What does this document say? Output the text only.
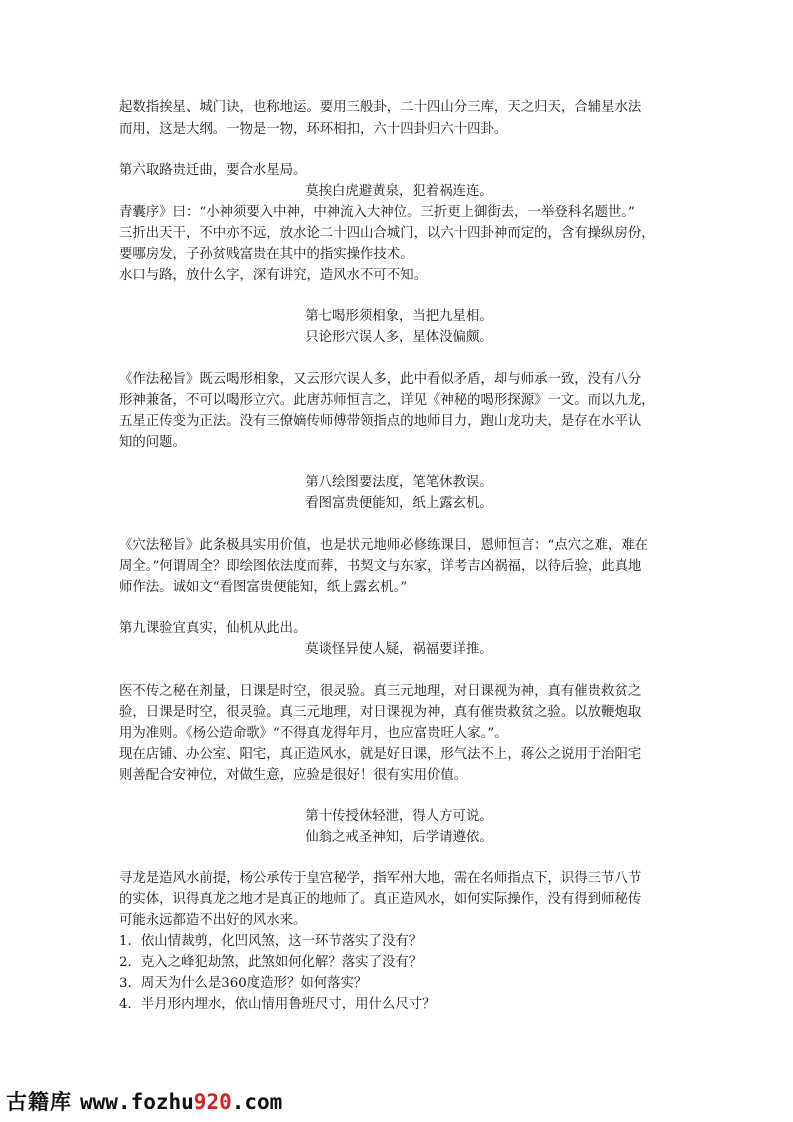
起数指挨星、城门诀，也称地运。要用三般卦，二十四山分三库，天之归天，合辅星水法
而用，这是大纲。一物是一物，环环相扣，六十四卦归六十四卦。
第六取路贵迁曲，要合水星局。
莫挨白虎避黄泉，犯着祸连连。
青囊序》曰：“小神须要入中神，中神流入大神位。三折更上御街去，一举登科名题世。”
三折出天干，不中亦不远，放水论二十四山合城门，以六十四卦神而定的，含有操纵房份，
要哪房发，子孙贫贱富贵在其中的指实操作技术。
水口与路，放什么字，深有讲究，造风水不可不知。
第七喝形须相象，当把九星相。
只论形穴误人多，星体没偏颇。
《作法秘旨》既云喝形相象，又云形穴误人多，此中看似矛盾，却与师承一致，没有八分
形神兼备，不可以喝形立穴。此唐苏师恒言之，详见《神秘的喝形探源》一文。而以九龙，
五星正传变为正法。没有三僚嫡传师傅带领指点的地师目力，跑山龙功夫，是存在水平认
知的问题。
第八绘图要法度，笔笔休教误。
看图富贵便能知，纸上露玄机。
《穴法秘旨》此条极具实用价值，也是状元地师必修练课目，恩师恒言：“点穴之难，难在
周全。”何谓周全？即绘图依法度而葬，书契文与东家，详考吉凶祸福，以待后验，此真地
师作法。诚如文“看图富贵便能知，纸上露玄机。”
第九课验宜真实，仙机从此出。
莫谈怪异使人疑，祸福要详推。
医不传之秘在剂量，日课是时空，很灵验。真三元地理，对日课视为神，真有催贵救贫之
验，日课是时空，很灵验。真三元地理，对日课视为神，真有催贵救贫之验。以放鞭炮取
用为准则。《杨公造命歌》“不得真龙得年月，也应富贵旺人家。”。
现在店铺、办公室、阳宅，真正造风水，就是好日课，形气法不上，蒋公之说用于治阳宅
则善配合安神位，对做生意，应验是很好！很有实用价值。
第十传授休轻泄，得人方可说。
仙翁之戒圣神知，后学请遵依。
寻龙是造风水前提，杨公承传于皇宫秘学，指军州大地，需在名师指点下，识得三节八节
的实体，识得真龙之地才是真正的地师了。真正造风水，如何实际操作，没有得到师秘传
可能永远都造不出好的风水来。
1．依山情裁剪，化凹风煞，这一环节落实了没有？
2．克入之峰犯劫煞，此煞如何化解？落实了没有？
3．周天为什么是360度造形？如何落实？
4．半月形内埋水，依山情用鲁班尺寸，用什么尺寸？
古籍库 www.fozhu920.com
